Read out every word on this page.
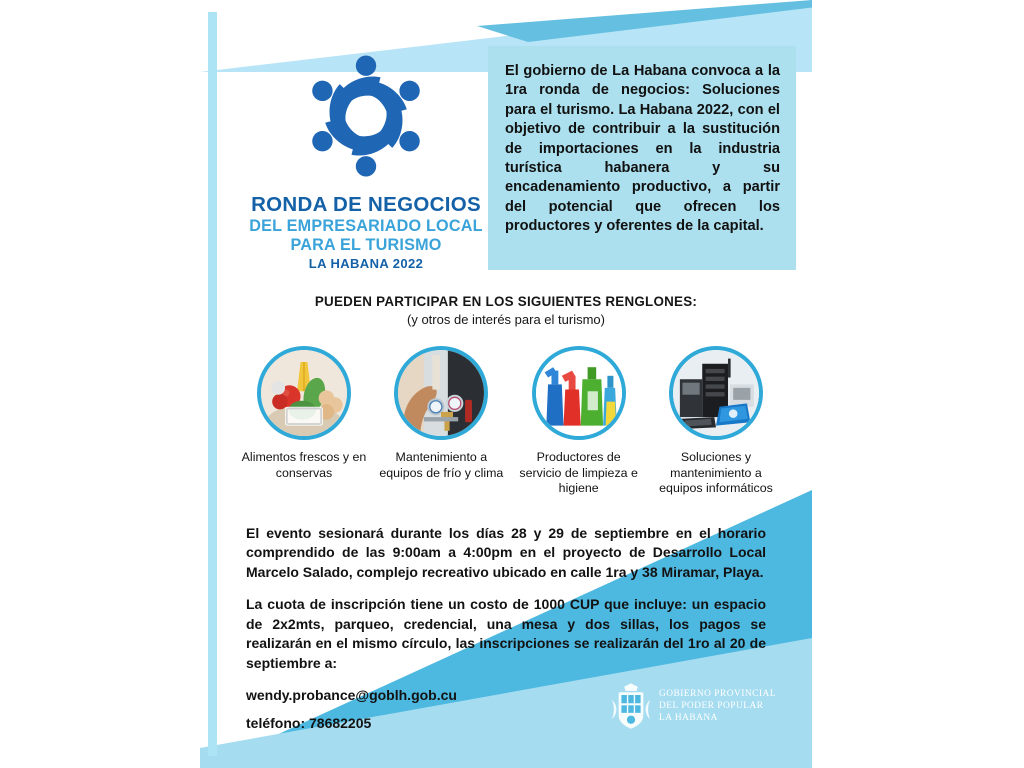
RONDA DE NEGOCIOS
DEL EMPRESARIADO LOCAL
PARA EL TURISMO
LA HABANA 2022

El gobierno de La Habana convoca a la 1ra ronda de negocios: Soluciones para el turismo. La Habana 2022, con el objetivo de contribuir a la sustitución de importaciones en la industria turística habanera y su encadenamiento productivo, a partir del potencial que ofrecen los productores y oferentes de la capital.

PUEDEN PARTICIPAR EN LOS SIGUIENTES RENGLONES:
(y otros de interés para el turismo)
Alimentos frescos y en conservas
Mantenimiento a equipos de frío y clima
Productores de servicio de limpieza e higiene
Soluciones y mantenimiento a equipos informáticos

El evento sesionará durante los días 28 y 29 de septiembre en el horario comprendido de las 9:00am a 4:00pm en el proyecto de Desarrollo Local Marcelo Salado, complejo recreativo ubicado en calle 1ra y 38 Miramar, Playa.

La cuota de inscripción tiene un costo de 1000 CUP que incluye: un espacio de 2x2mts, parqueo, credencial, una mesa y dos sillas, los pagos se realizarán en el mismo círculo, las inscripciones se realizarán del 1ro al 20 de septiembre a:

wendy.probance@goblh.gob.cu

teléfono: 78682205

GOBIERNO PROVINCIAL
DEL PODER POPULAR
LA HABANA
